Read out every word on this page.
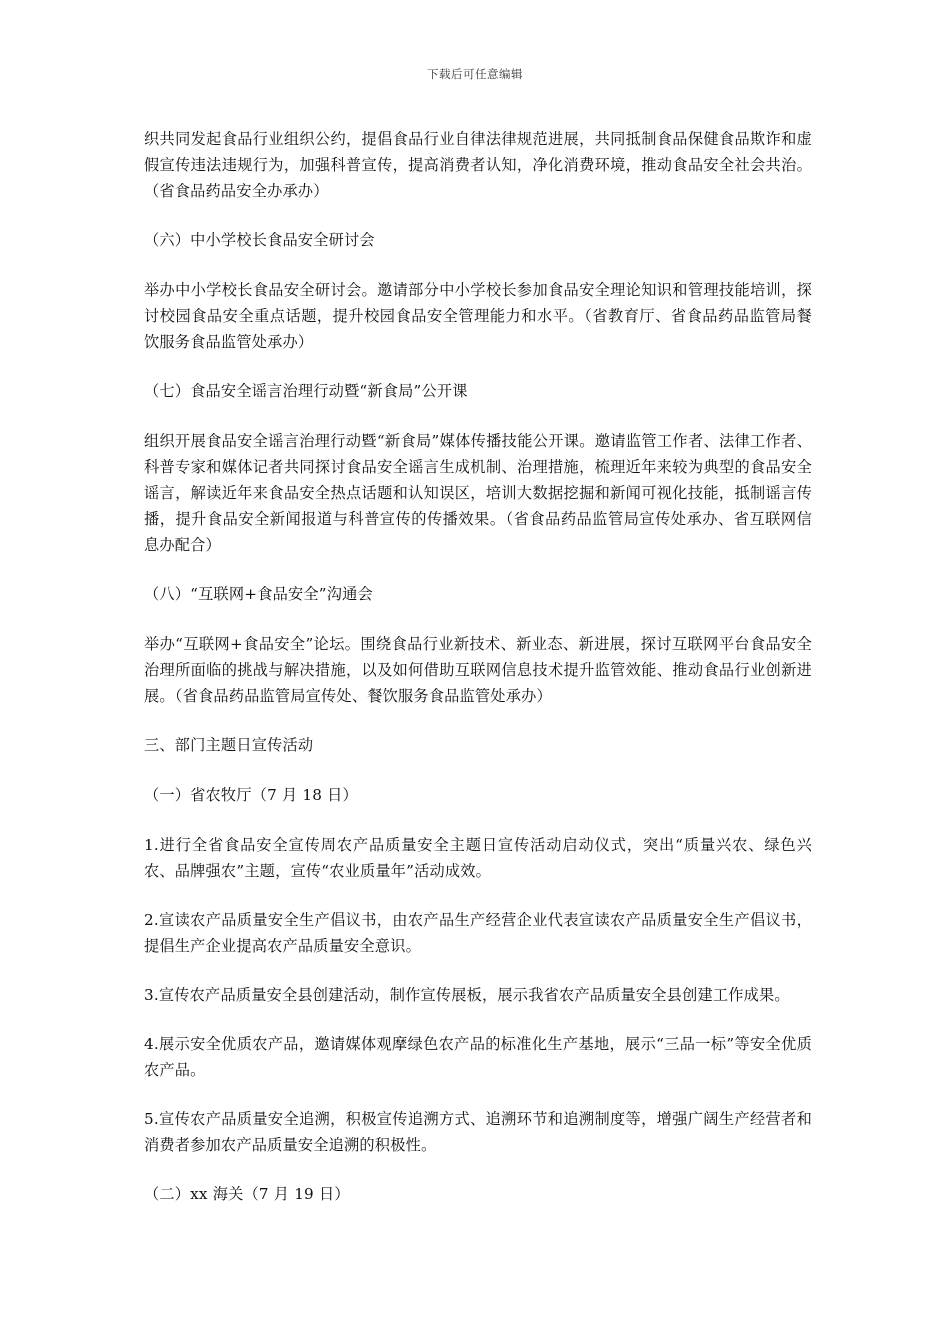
下载后可任意编辑

织共同发起食品行业组织公约，提倡食品行业自律法律规范进展，共同抵制食品保健食品欺诈和虚假宣传违法违规行为，加强科普宣传，提高消费者认知，净化消费环境，推动食品安全社会共治。（省食品药品安全办承办）

（六）中小学校长食品安全研讨会

举办中小学校长食品安全研讨会。邀请部分中小学校长参加食品安全理论知识和管理技能培训，探讨校园食品安全重点话题，提升校园食品安全管理能力和水平。（省教育厅、省食品药品监管局餐饮服务食品监管处承办）

（七）食品安全谣言治理行动暨“新食局”公开课

组织开展食品安全谣言治理行动暨“新食局”媒体传播技能公开课。邀请监管工作者、法律工作者、科普专家和媒体记者共同探讨食品安全谣言生成机制、治理措施，梳理近年来较为典型的食品安全谣言，解读近年来食品安全热点话题和认知误区，培训大数据挖掘和新闻可视化技能，抵制谣言传播，提升食品安全新闻报道与科普宣传的传播效果。（省食品药品监管局宣传处承办、省互联网信息办配合）

（八）“互联网+食品安全”沟通会

举办“互联网+食品安全”论坛。围绕食品行业新技术、新业态、新进展，探讨互联网平台食品安全治理所面临的挑战与解决措施，以及如何借助互联网信息技术提升监管效能、推动食品行业创新进展。（省食品药品监管局宣传处、餐饮服务食品监管处承办）

三、部门主题日宣传活动

（一）省农牧厅（7 月 18 日）

1.进行全省食品安全宣传周农产品质量安全主题日宣传活动启动仪式，突出“质量兴农、绿色兴农、品牌强农”主题，宣传“农业质量年”活动成效。

2.宣读农产品质量安全生产倡议书，由农产品生产经营企业代表宣读农产品质量安全生产倡议书，提倡生产企业提高农产品质量安全意识。

3.宣传农产品质量安全县创建活动，制作宣传展板，展示我省农产品质量安全县创建工作成果。

4.展示安全优质农产品，邀请媒体观摩绿色农产品的标准化生产基地，展示“三品一标”等安全优质农产品。

5.宣传农产品质量安全追溯，积极宣传追溯方式、追溯环节和追溯制度等，增强广阔生产经营者和消费者参加农产品质量安全追溯的积极性。

（二）xx 海关（7 月 19 日）
